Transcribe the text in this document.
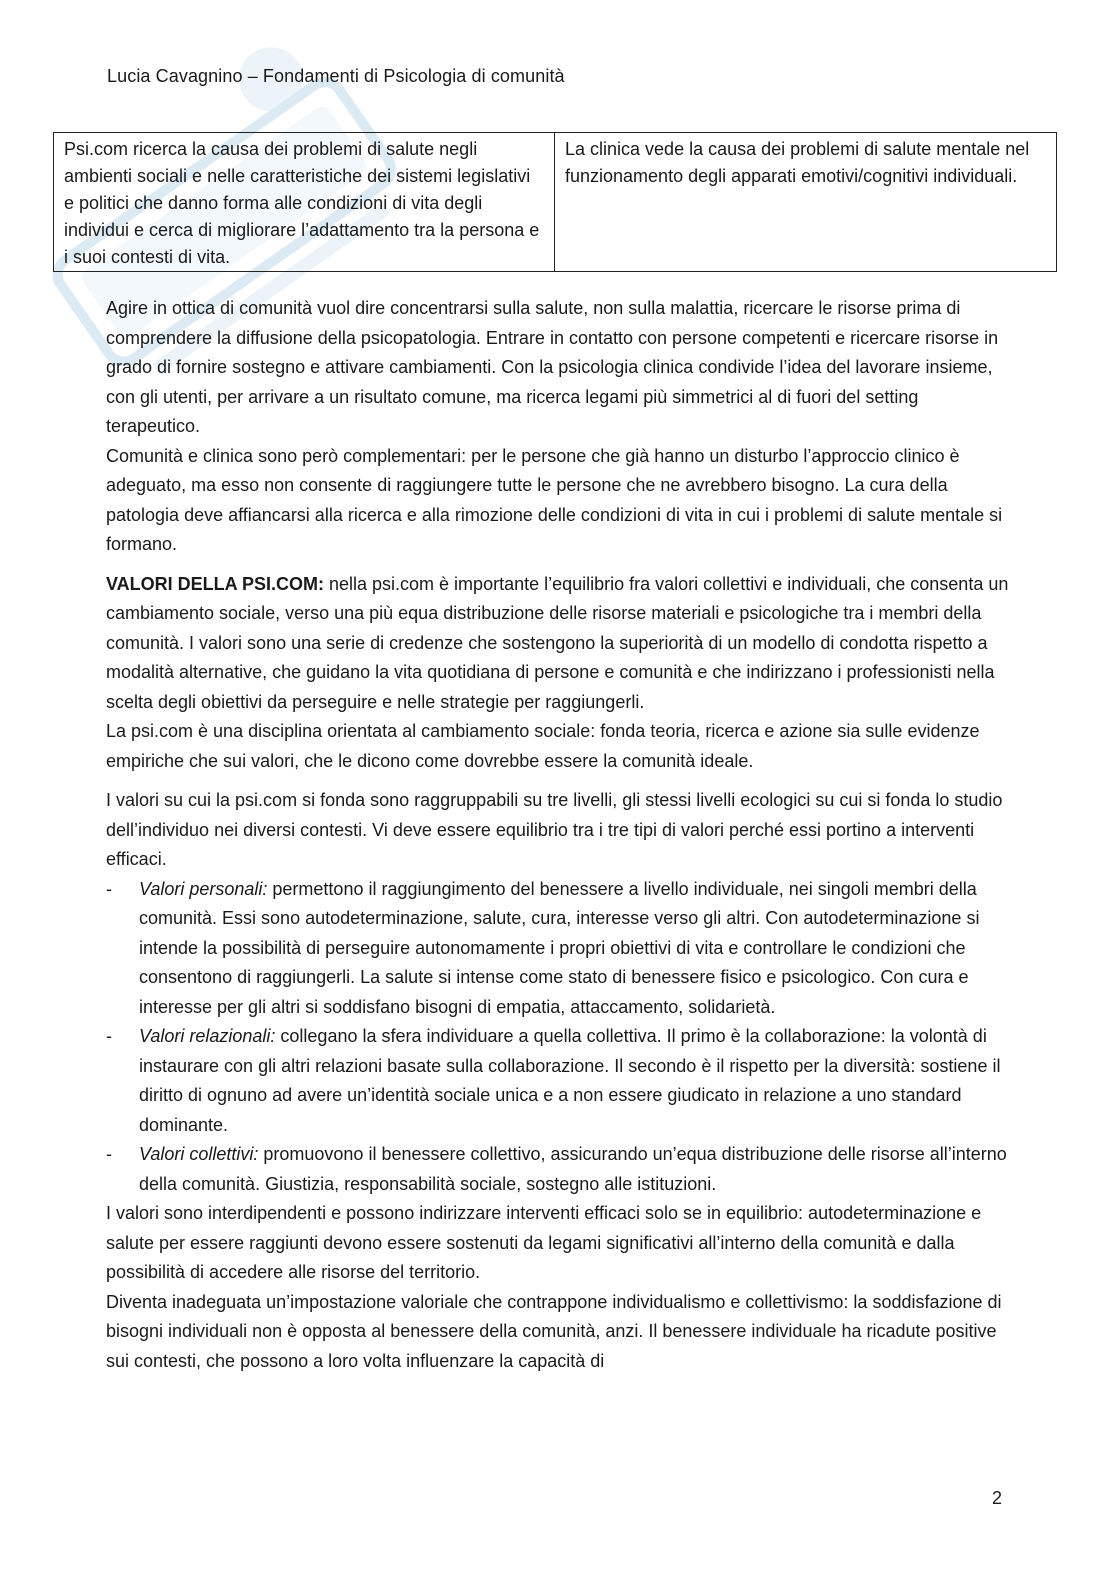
Lucia Cavagnino – Fondamenti di Psicologia di comunità
Psi.com ricerca la causa dei problemi di salute negli ambienti sociali e nelle caratteristiche dei sistemi legislativi e politici che danno forma alle condizioni di vita degli individui e cerca di migliorare l’adattamento tra la persona e i suoi contesti di vita.	La clinica vede la causa dei problemi di salute mentale nel funzionamento degli apparati emotivi/cognitivi individuali.

Agire in ottica di comunità vuol dire concentrarsi sulla salute, non sulla malattia, ricercare le risorse prima di comprendere la diffusione della psicopatologia. Entrare in contatto con persone competenti e ricercare risorse in grado di fornire sostegno e attivare cambiamenti. Con la psicologia clinica condivide l’idea del lavorare insieme, con gli utenti, per arrivare a un risultato comune, ma ricerca legami più simmetrici al di fuori del setting terapeutico.

Comunità e clinica sono però complementari: per le persone che già hanno un disturbo l’approccio clinico è adeguato, ma esso non consente di raggiungere tutte le persone che ne avrebbero bisogno. La cura della patologia deve affiancarsi alla ricerca e alla rimozione delle condizioni di vita in cui i problemi di salute mentale si formano.

VALORI DELLA PSI.COM: nella psi.com è importante l’equilibrio fra valori collettivi e individuali, che consenta un cambiamento sociale, verso una più equa distribuzione delle risorse materiali e psicologiche tra i membri della comunità. I valori sono una serie di credenze che sostengono la superiorità di un modello di condotta rispetto a modalità alternative, che guidano la vita quotidiana di persone e comunità e che indirizzano i professionisti nella scelta degli obiettivi da perseguire e nelle strategie per raggiungerli.

La psi.com è una disciplina orientata al cambiamento sociale: fonda teoria, ricerca e azione sia sulle evidenze empiriche che sui valori, che le dicono come dovrebbe essere la comunità ideale.

I valori su cui la psi.com si fonda sono raggruppabili su tre livelli, gli stessi livelli ecologici su cui si fonda lo studio dell’individuo nei diversi contesti. Vi deve essere equilibrio tra i tre tipi di valori perché essi portino a interventi efficaci.

- Valori personali: permettono il raggiungimento del benessere a livello individuale, nei singoli membri della comunità. Essi sono autodeterminazione, salute, cura, interesse verso gli altri. Con autodeterminazione si intende la possibilità di perseguire autonomamente i propri obiettivi di vita e controllare le condizioni che consentono di raggiungerli. La salute si intense come stato di benessere fisico e psicologico. Con cura e interesse per gli altri si soddisfano bisogni di empatia, attaccamento, solidarietà.
- Valori relazionali: collegano la sfera individuare a quella collettiva. Il primo è la collaborazione: la volontà di instaurare con gli altri relazioni basate sulla collaborazione. Il secondo è il rispetto per la diversità: sostiene il diritto di ognuno ad avere un’identità sociale unica e a non essere giudicato in relazione a uno standard dominante.
- Valori collettivi: promuovono il benessere collettivo, assicurando un’equa distribuzione delle risorse all’interno della comunità. Giustizia, responsabilità sociale, sostegno alle istituzioni.

I valori sono interdipendenti e possono indirizzare interventi efficaci solo se in equilibrio: autodeterminazione e salute per essere raggiunti devono essere sostenuti da legami significativi all’interno della comunità e dalla possibilità di accedere alle risorse del territorio.

Diventa inadeguata un’impostazione valoriale che contrappone individualismo e collettivismo: la soddisfazione di bisogni individuali non è opposta al benessere della comunità, anzi. Il benessere individuale ha ricadute positive sui contesti, che possono a loro volta influenzare la capacità di

2
